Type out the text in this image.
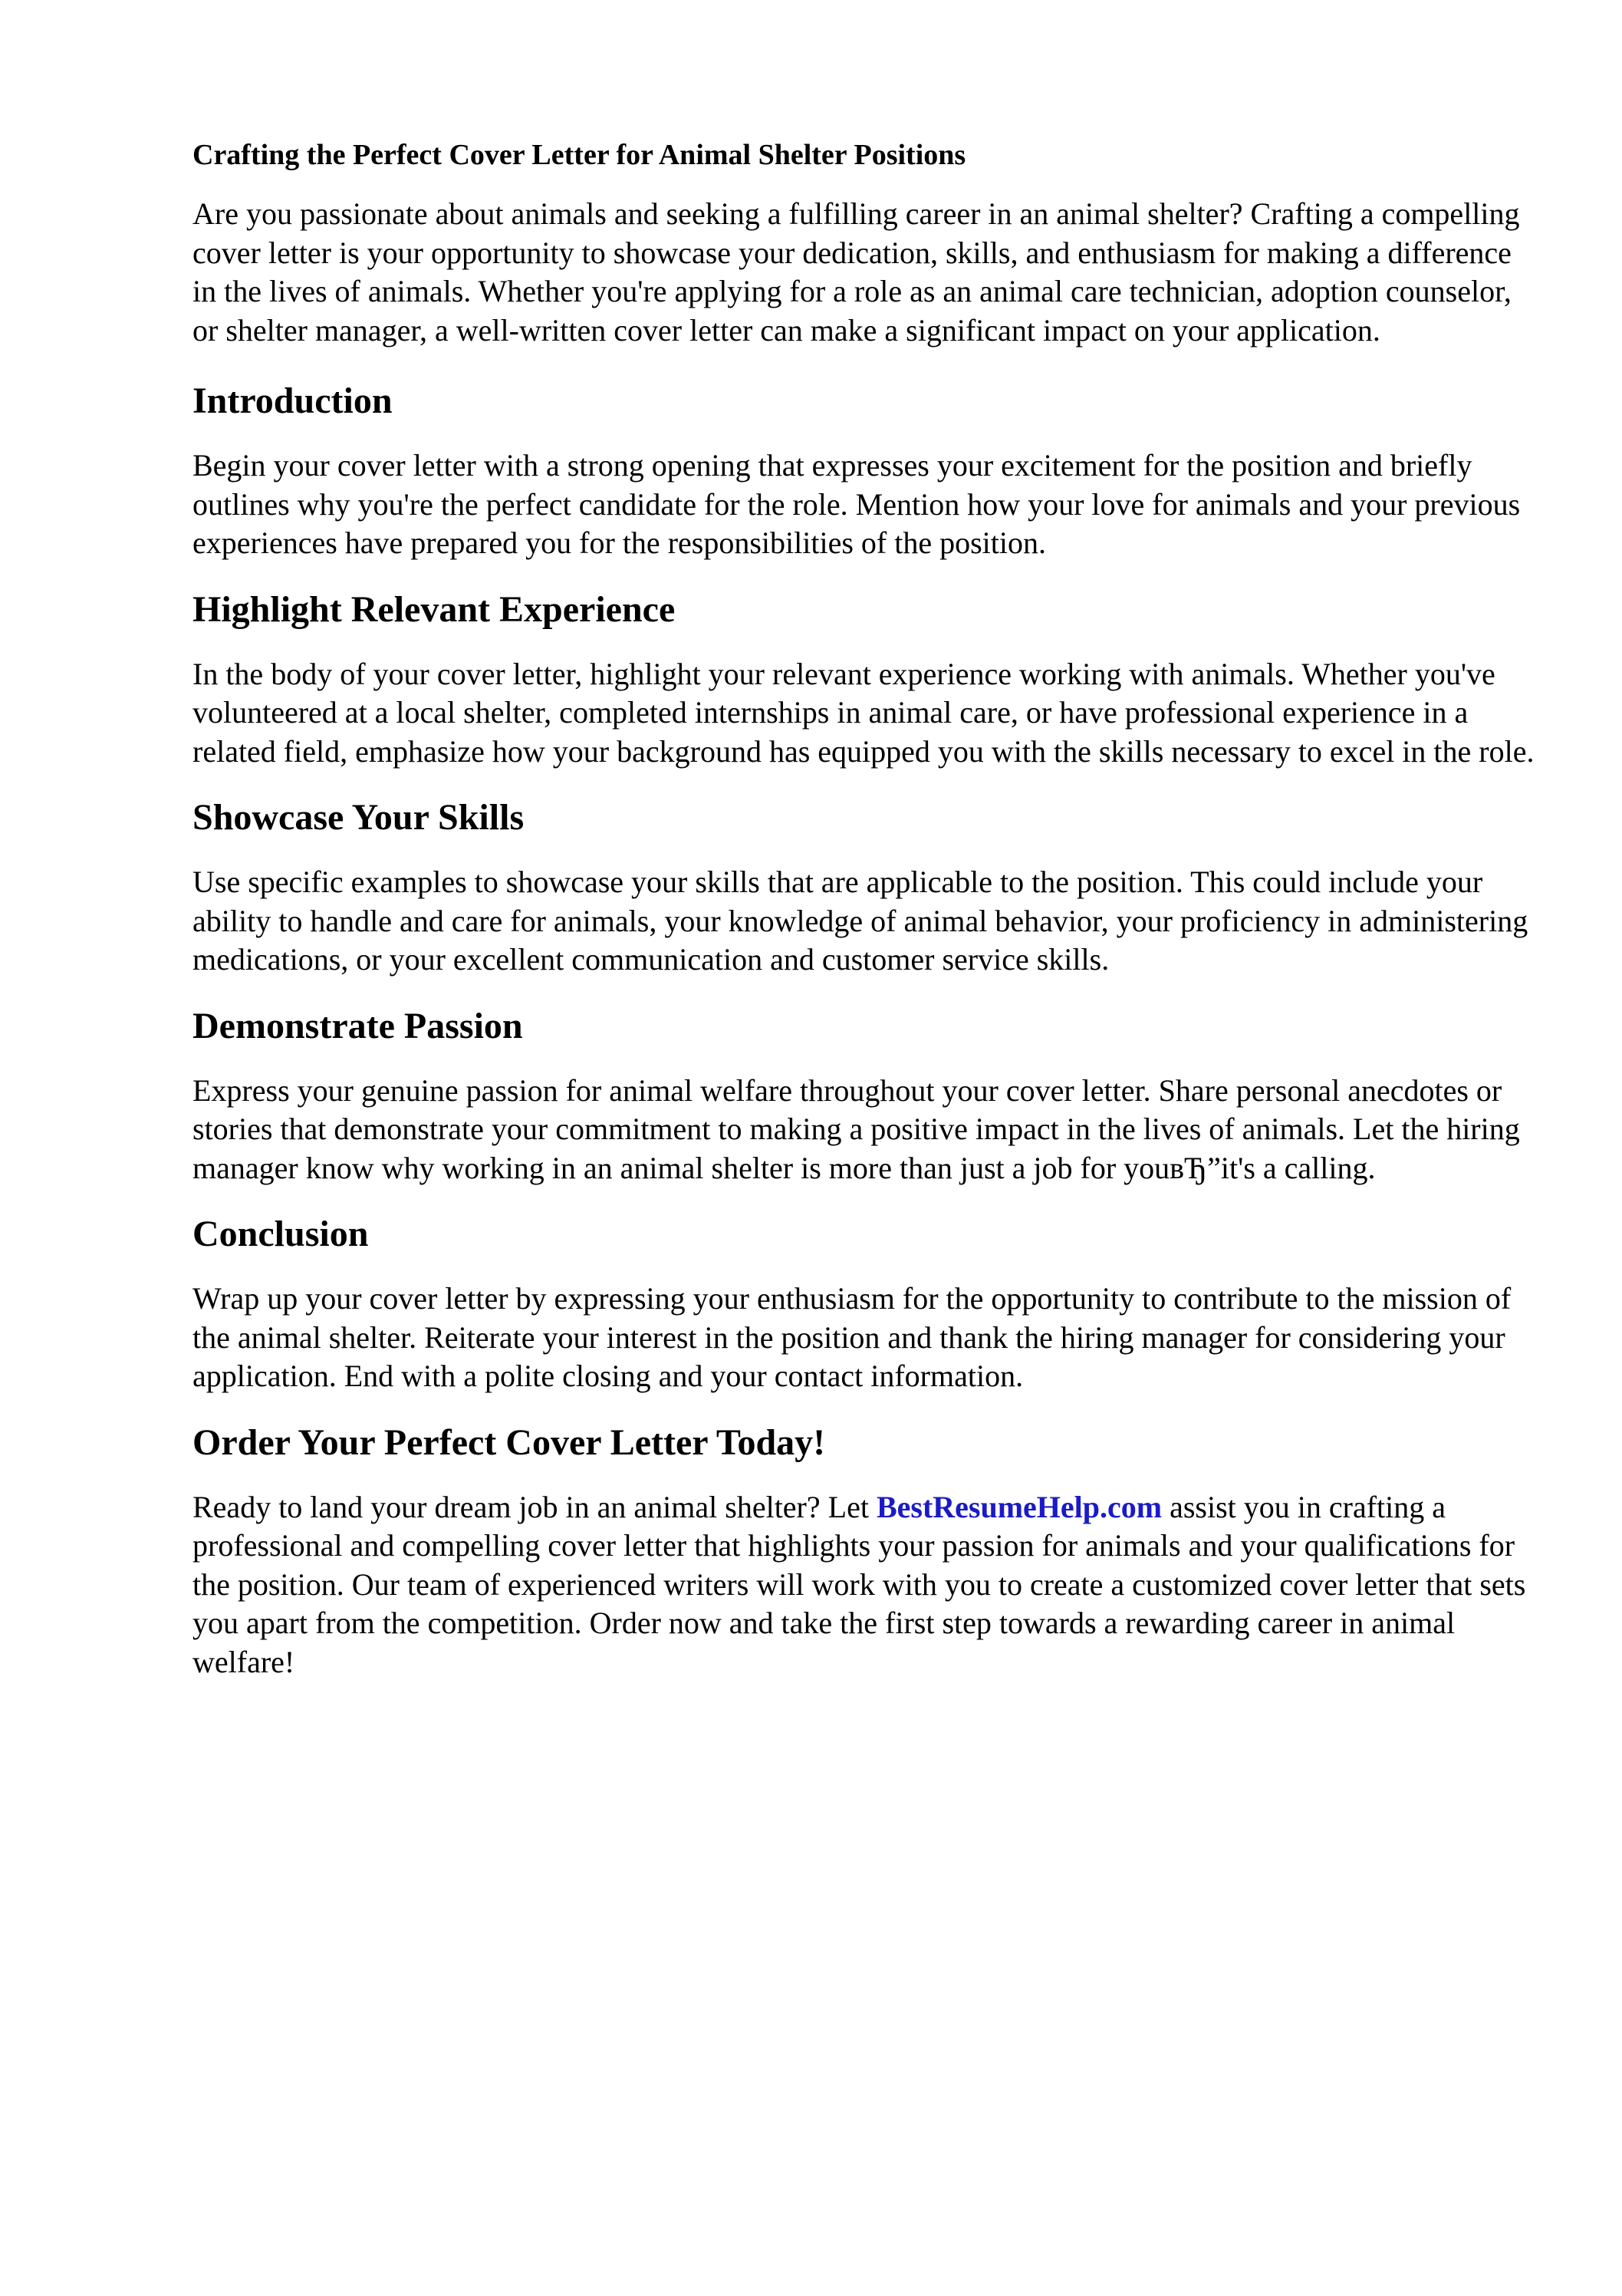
Crafting the Perfect Cover Letter for Animal Shelter Positions

Are you passionate about animals and seeking a fulfilling career in an animal shelter? Crafting a compelling cover letter is your opportunity to showcase your dedication, skills, and enthusiasm for making a difference in the lives of animals. Whether you're applying for a role as an animal care technician, adoption counselor, or shelter manager, a well-written cover letter can make a significant impact on your application.

Introduction

Begin your cover letter with a strong opening that expresses your excitement for the position and briefly outlines why you're the perfect candidate for the role. Mention how your love for animals and your previous experiences have prepared you for the responsibilities of the position.

Highlight Relevant Experience

In the body of your cover letter, highlight your relevant experience working with animals. Whether you've volunteered at a local shelter, completed internships in animal care, or have professional experience in a related field, emphasize how your background has equipped you with the skills necessary to excel in the role.

Showcase Your Skills

Use specific examples to showcase your skills that are applicable to the position. This could include your ability to handle and care for animals, your knowledge of animal behavior, your proficiency in administering medications, or your excellent communication and customer service skills.

Demonstrate Passion

Express your genuine passion for animal welfare throughout your cover letter. Share personal anecdotes or stories that demonstrate your commitment to making a positive impact in the lives of animals. Let the hiring manager know why working in an animal shelter is more than just a job for youвЂ”it's a calling.

Conclusion

Wrap up your cover letter by expressing your enthusiasm for the opportunity to contribute to the mission of the animal shelter. Reiterate your interest in the position and thank the hiring manager for considering your application. End with a polite closing and your contact information.

Order Your Perfect Cover Letter Today!

Ready to land your dream job in an animal shelter? Let BestResumeHelp.com assist you in crafting a professional and compelling cover letter that highlights your passion for animals and your qualifications for the position. Our team of experienced writers will work with you to create a customized cover letter that sets you apart from the competition. Order now and take the first step towards a rewarding career in animal welfare!
